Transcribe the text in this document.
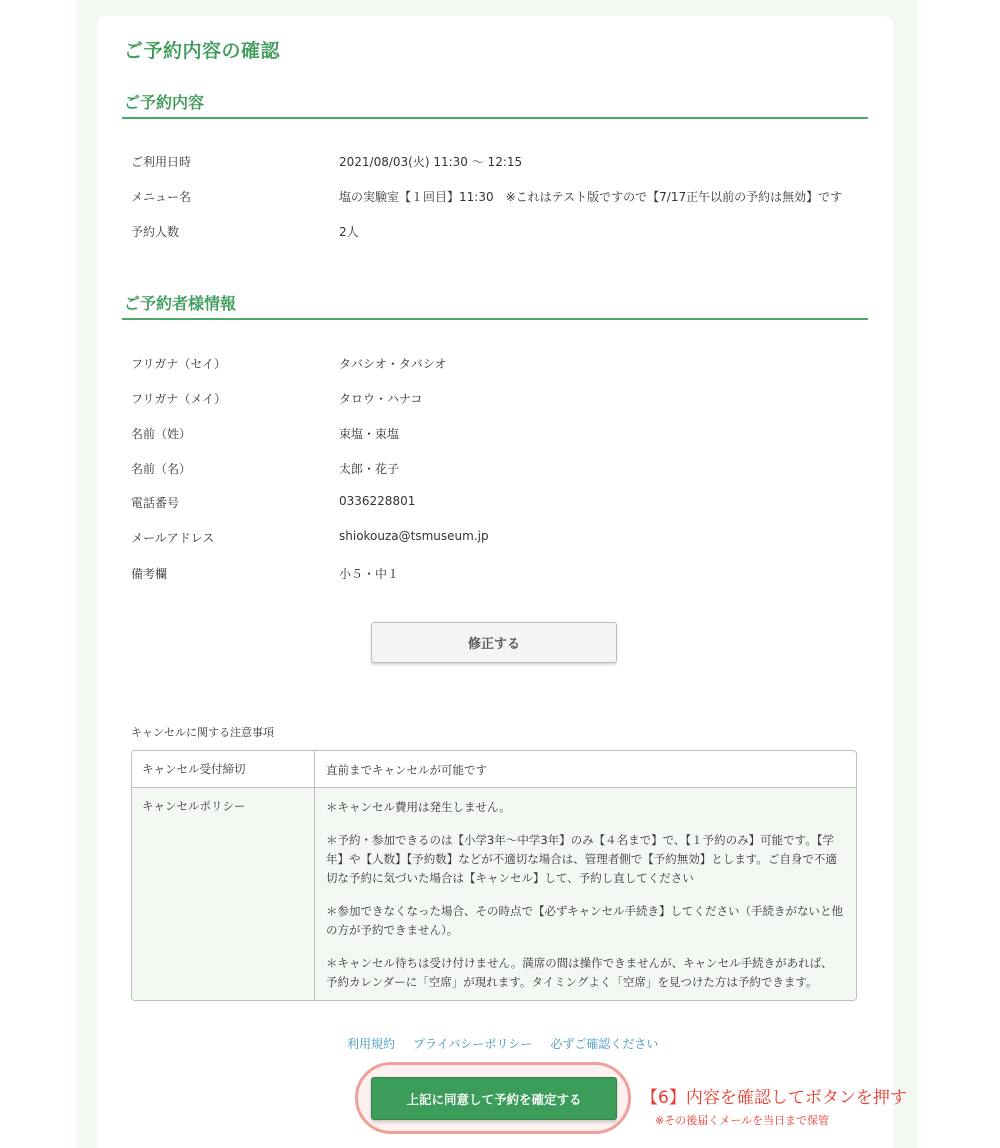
ご予約内容の確認
ご予約内容
ご利用日時	2021/08/03(火) 11:30 〜 12:15
メニュー名	塩の実験室【１回目】11:30　※これはテスト版ですので【7/17正午以前の予約は無効】です
予約人数	2人
ご予約者様情報
フリガナ（セイ）	タバシオ・タバシオ
フリガナ（メイ）	タロウ・ハナコ
名前（姓）	束塩・束塩
名前（名）	太郎・花子
電話番号	0336228801
メールアドレス	shiokouza@tsmuseum.jp
備考欄	小５・中１
修正する
キャンセルに関する注意事項
キャンセル受付締切	直前までキャンセルが可能です
キャンセルポリシー	＊キャンセル費用は発生しません。

＊予約・参加できるのは【小学3年〜中学3年】のみ【４名まで】で、【１予約のみ】可能です。【学年】や【人数】【予約数】などが不適切な場合は、管理者側で【予約無効】とします。ご自身で不適切な予約に気づいた場合は【キャンセル】して、予約し直してください

＊参加できなくなった場合、その時点で【必ずキャンセル手続き】してください（手続きがないと他の方が予約できません）。

＊キャンセル待ちは受け付けません。満席の間は操作できませんが、キャンセル手続きがあれば、予約カレンダーに「空席」が現れます。タイミングよく「空席」を見つけた方は予約できます。

利用規約 プライバシーポリシー 必ずご確認ください
上記に同意して予約を確定する	【6】内容を確認してボタンを押す
※その後届くメールを当日まで保管
